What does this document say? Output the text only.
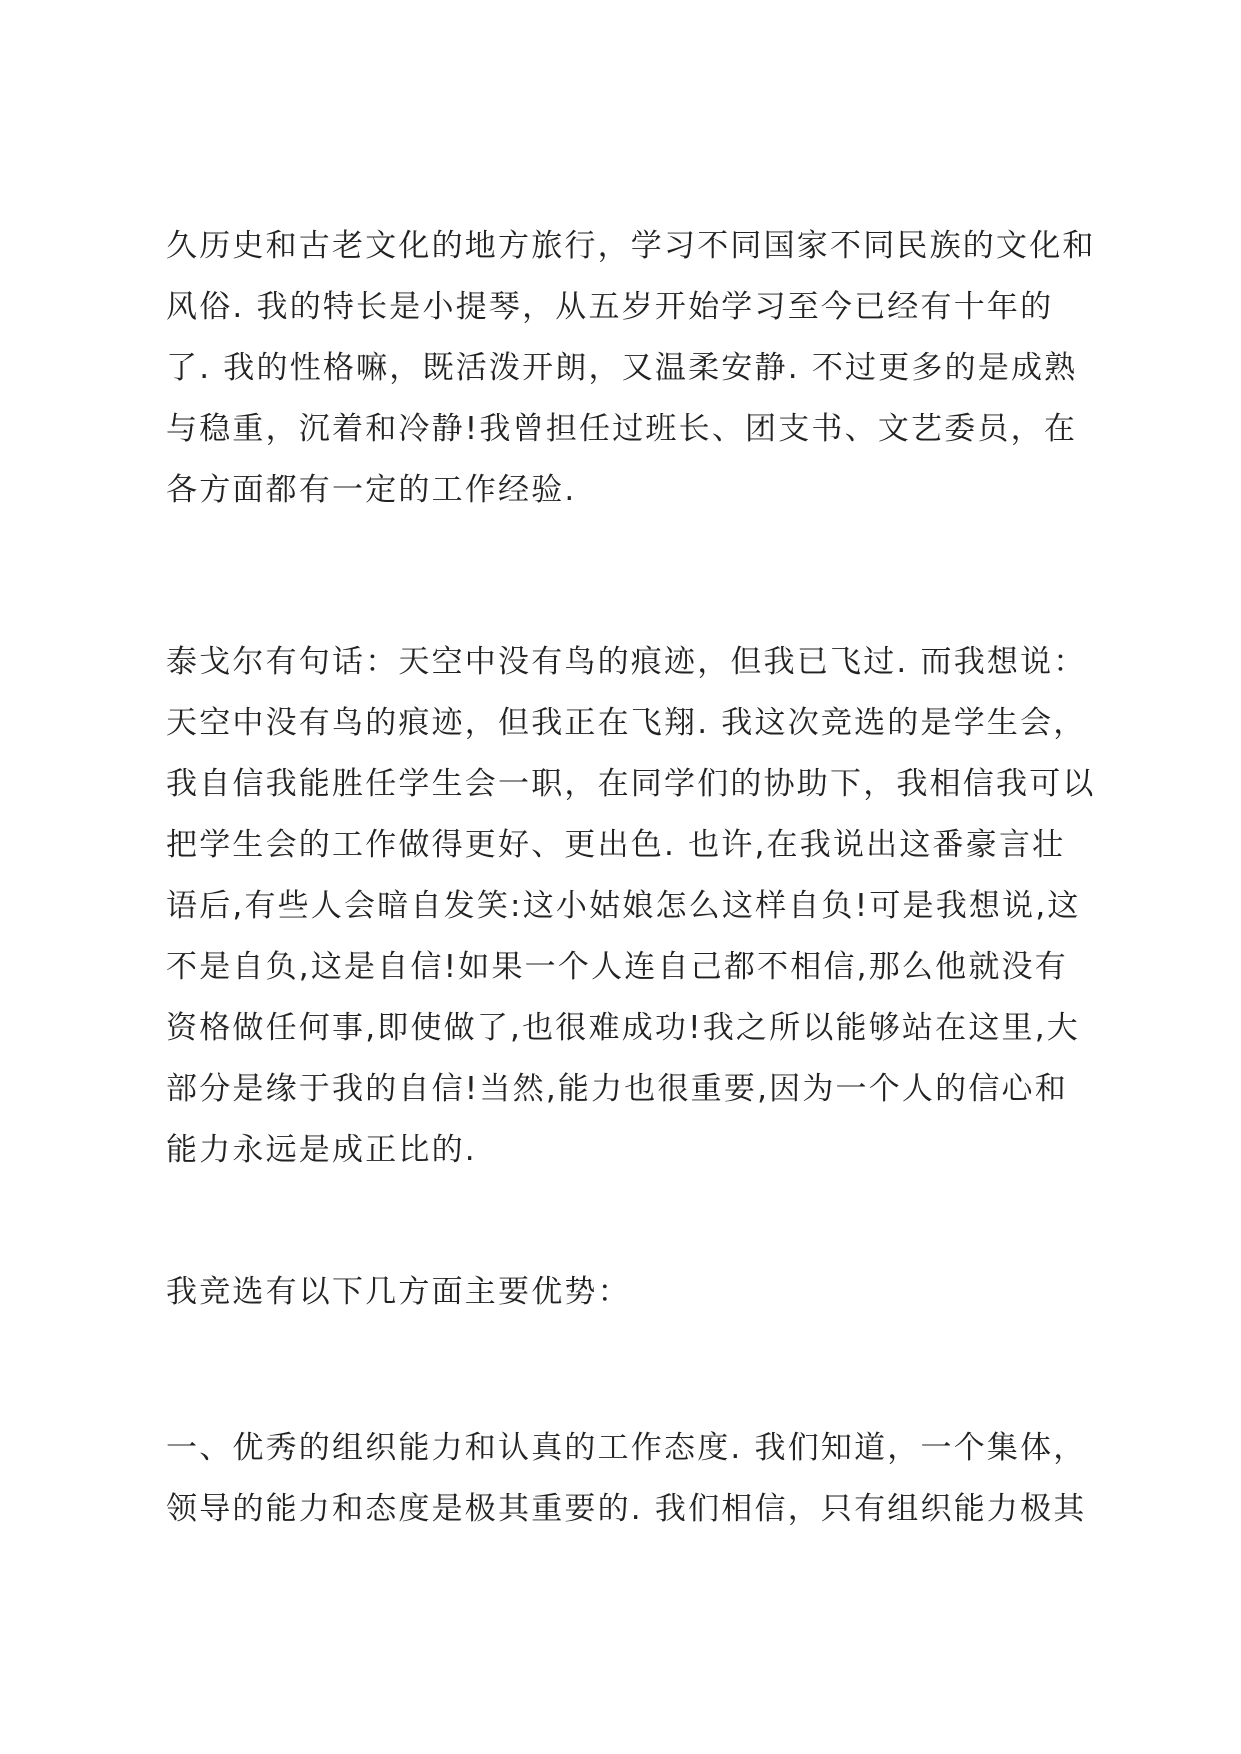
久历史和古老文化的地方旅行，学习不同国家不同民族的文化和
风俗. 我的特长是小提琴，从五岁开始学习至今已经有十年的
了. 我的性格嘛，既活泼开朗，又温柔安静. 不过更多的是成熟
与稳重，沉着和冷静!我曾担任过班长、团支书、文艺委员，在
各方面都有一定的工作经验.
泰戈尔有句话：天空中没有鸟的痕迹，但我已飞过. 而我想说：
天空中没有鸟的痕迹，但我正在飞翔. 我这次竞选的是学生会，
我自信我能胜任学生会一职，在同学们的协助下，我相信我可以
把学生会的工作做得更好、更出色. 也许,在我说出这番豪言壮
语后,有些人会暗自发笑:这小姑娘怎么这样自负!可是我想说,这
不是自负,这是自信!如果一个人连自己都不相信,那么他就没有
资格做任何事,即使做了,也很难成功!我之所以能够站在这里,大
部分是缘于我的自信!当然,能力也很重要,因为一个人的信心和
能力永远是成正比的.
我竞选有以下几方面主要优势：
一、优秀的组织能力和认真的工作态度. 我们知道，一个集体，
领导的能力和态度是极其重要的. 我们相信，只有组织能力极其
